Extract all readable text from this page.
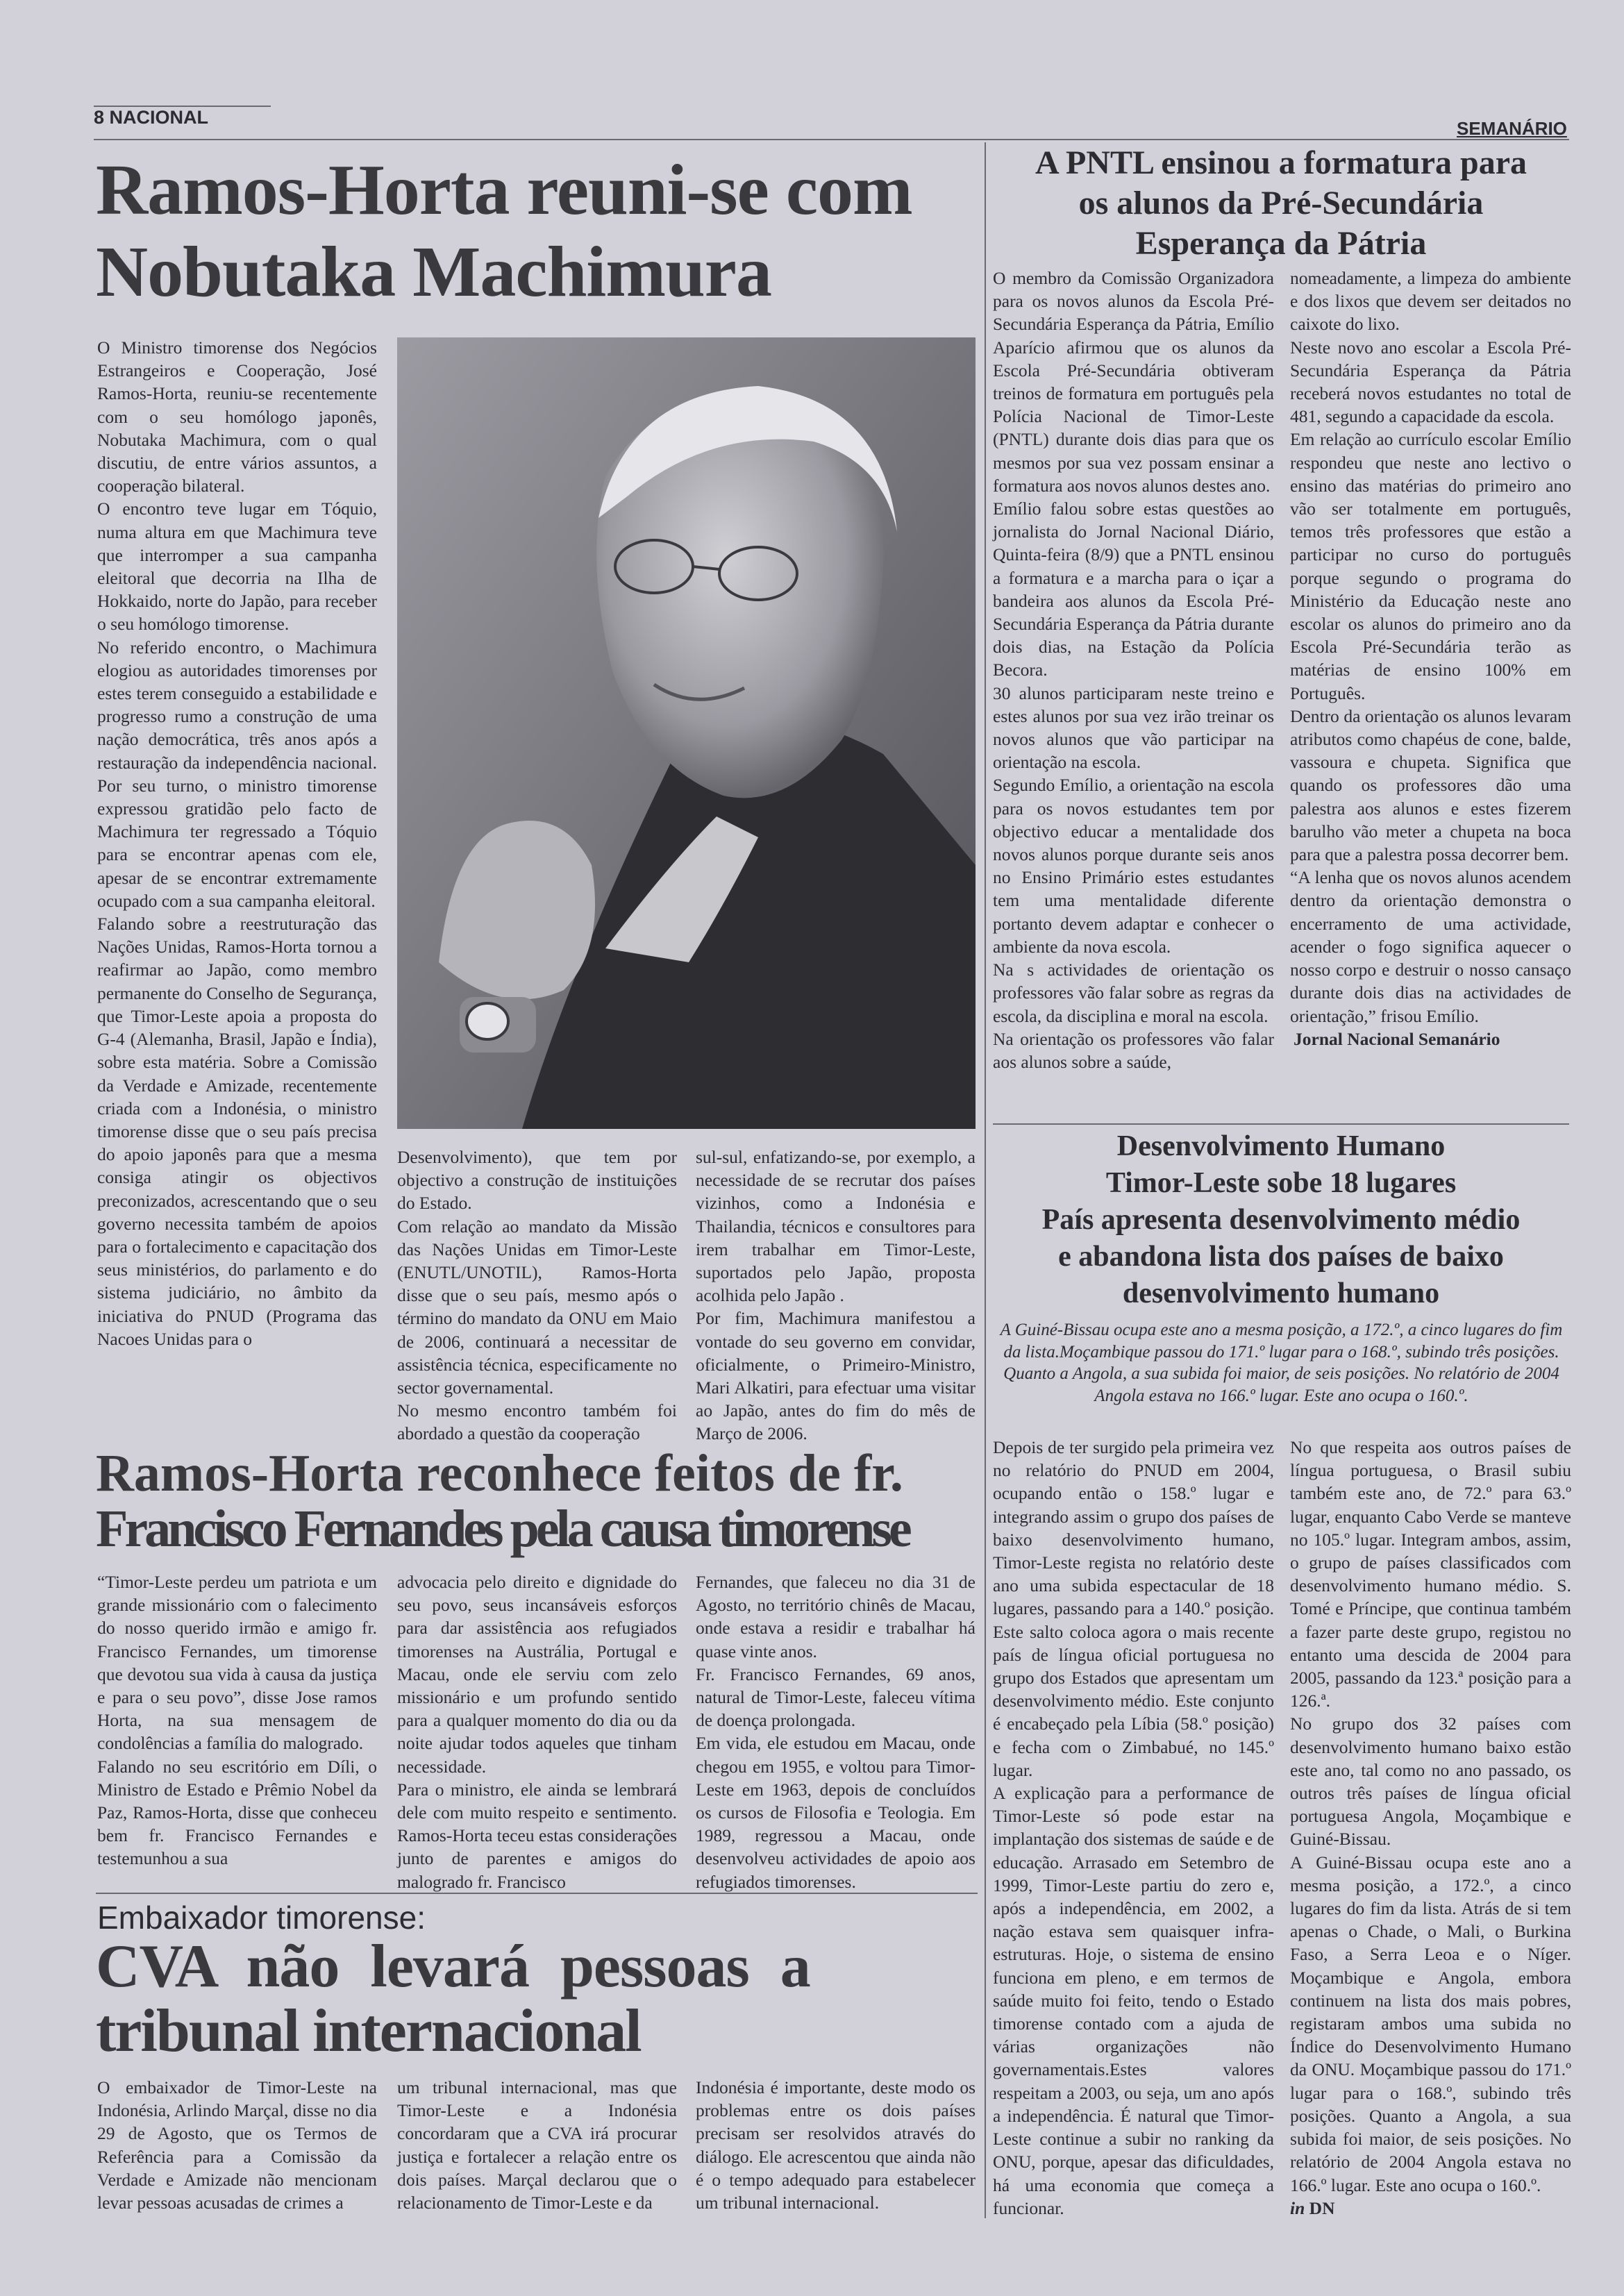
8 NACIONAL
SEMANÁRIO
Ramos-Horta reuni-se com Nobutaka Machimura

O Ministro timorense dos Negócios Estrangeiros e Cooperação, José Ramos-Horta, reuniu-se recentemente com o seu homólogo japonês, Nobutaka Machimura, com o qual discutiu, de entre vários assuntos, a cooperação bilateral.

O encontro teve lugar em Tóquio, numa altura em que Machimura teve que interromper a sua campanha eleitoral que decorria na Ilha de Hokkaido, norte do Japão, para receber o seu homólogo timorense.

No referido encontro, o Machimura elogiou as autoridades timorenses por estes terem conseguido a estabilidade e progresso rumo a construção de uma nação democrática, três anos após a restauração da independência nacional. Por seu turno, o ministro timorense expressou gratidão pelo facto de Machimura ter regressado a Tóquio para se encontrar apenas com ele, apesar de se encontrar extremamente ocupado com a sua campanha eleitoral.

Falando sobre a reestruturação das Nações Unidas, Ramos-Horta tornou a reafirmar ao Japão, como membro permanente do Conselho de Segurança, que Timor-Leste apoia a proposta do G-4 (Alemanha, Brasil, Japão e Índia), sobre esta matéria. Sobre a Comissão da Verdade e Amizade, recentemente criada com a Indonésia, o ministro timorense disse que o seu país precisa do apoio japonês para que a mesma consiga atingir os objectivos preconizados, acrescentando que o seu governo necessita também de apoios para o fortalecimento e capacitação dos seus ministérios, do parlamento e do sistema judiciário, no âmbito da iniciativa do PNUD (Programa das Nacoes Unidas para o

Desenvolvimento), que tem por objectivo a construção de instituições do Estado.

Com relação ao mandato da Missão das Nações Unidas em Timor-Leste (ENUTL/UNOTIL), Ramos-Horta disse que o seu país, mesmo após o término do mandato da ONU em Maio de 2006, continuará a necessitar de assistência técnica, especificamente no sector governamental.

No mesmo encontro também foi abordado a questão da cooperação

sul-sul, enfatizando-se, por exemplo, a necessidade de se recrutar dos países vizinhos, como a Indonésia e Thailandia, técnicos e consultores para irem trabalhar em Timor-Leste, suportados pelo Japão, proposta acolhida pelo Japão .

Por fim, Machimura manifestou a vontade do seu governo em convidar, oficialmente, o Primeiro-Ministro, Mari Alkatiri, para efectuar uma visitar ao Japão, antes do fim do mês de Março de 2006.

Ramos-Horta reconhece feitos de fr.
Francisco Fernandes pela causa timorense

“Timor-Leste perdeu um patriota e um grande missionário com o falecimento do nosso querido irmão e amigo fr. Francisco Fernandes, um timorense que devotou sua vida à causa da justiça e para o seu povo”, disse Jose ramos Horta, na sua mensagem de condolências a família do malogrado.

Falando no seu escritório em Díli, o Ministro de Estado e Prêmio Nobel da Paz, Ramos-Horta, disse que conheceu bem fr. Francisco Fernandes e testemunhou a sua

advocacia pelo direito e dignidade do seu povo, seus incansáveis esforços para dar assistência aos refugiados timorenses na Austrália, Portugal e Macau, onde ele serviu com zelo missionário e um profundo sentido para a qualquer momento do dia ou da noite ajudar todos aqueles que tinham necessidade.

Para o ministro, ele ainda se lembrará dele com muito respeito e sentimento. Ramos-Horta teceu estas considerações junto de parentes e amigos do malogrado fr. Francisco

Fernandes, que faleceu no dia 31 de Agosto, no território chinês de Macau, onde estava a residir e trabalhar há quase vinte anos.

Fr. Francisco Fernandes, 69 anos, natural de Timor-Leste, faleceu vítima de doença prolongada.

Em vida, ele estudou em Macau, onde chegou em 1955, e voltou para Timor-Leste em 1963, depois de concluídos os cursos de Filosofia e Teologia. Em 1989, regressou a Macau, onde desenvolveu actividades de apoio aos refugiados timorenses.

Embaixador timorense:
CVA não levará pessoas a
tribunal internacional
O embaixador de Timor-Leste na Indonésia, Arlindo Marçal, disse no dia 29 de Agosto, que os Termos de Referência para a Comissão da Verdade e Amizade não mencionam levar pessoas acusadas de crimes a
um tribunal internacional, mas que Timor-Leste e a Indonésia concordaram que a CVA irá procurar justiça e fortalecer a relação entre os dois países. Marçal declarou que o relacionamento de Timor-Leste e da
Indonésia é importante, deste modo os problemas entre os dois países precisam ser resolvidos através do diálogo. Ele acrescentou que ainda não é o tempo adequado para estabelecer um tribunal internacional.
A PNTL ensinou a formatura para
os alunos da Pré-Secundária
Esperança da Pátria

O membro da Comissão Organizadora para os novos alunos da Escola Pré-Secundária Esperança da Pátria, Emílio Aparício afirmou que os alunos da Escola Pré-Secundária obtiveram treinos de formatura em português pela Polícia Nacional de Timor-Leste (PNTL) durante dois dias para que os mesmos por sua vez possam ensinar a formatura aos novos alunos destes ano.

Emílio falou sobre estas questões ao jornalista do Jornal Nacional Diário, Quinta-feira (8/9) que a PNTL ensinou a formatura e a marcha para o içar a bandeira aos alunos da Escola Pré-Secundária Esperança da Pátria durante dois dias, na Estação da Polícia Becora.

30 alunos participaram neste treino e estes alunos por sua vez irão treinar os novos alunos que vão participar na orientação na escola.

Segundo Emílio, a orientação na escola para os novos estudantes tem por objectivo educar a mentalidade dos novos alunos porque durante seis anos no Ensino Primário estes estudantes tem uma mentalidade diferente portanto devem adaptar e conhecer o ambiente da nova escola.

Na s actividades de orientação os professores vão falar sobre as regras da escola, da disciplina e moral na escola.

Na orientação os professores vão falar aos alunos sobre a saúde,

nomeadamente, a limpeza do ambiente e dos lixos que devem ser deitados no caixote do lixo.

Neste novo ano escolar a Escola Pré-Secundária Esperança da Pátria receberá novos estudantes no total de 481, segundo a capacidade da escola.

Em relação ao currículo escolar Emílio respondeu que neste ano lectivo o ensino das matérias do primeiro ano vão ser totalmente em português, temos três professores que estão a participar no curso do português porque segundo o programa do Ministério da Educação neste ano escolar os alunos do primeiro ano da Escola Pré-Secundária terão as matérias de ensino 100% em Português.

Dentro da orientação os alunos levaram atributos como chapéus de cone, balde, vassoura e chupeta. Significa que quando os professores dão uma palestra aos alunos e estes fizerem barulho vão meter a chupeta na boca para que a palestra possa decorrer bem.

“A lenha que os novos alunos acendem dentro da orientação demonstra o encerramento de uma actividade, acender o fogo significa aquecer o nosso corpo e destruir o nosso cansaço durante dois dias na actividades de orientação,” frisou Emílio.

Jornal Nacional Semanário

Desenvolvimento Humano
Timor-Leste sobe 18 lugares
País apresenta desenvolvimento médio
e abandona lista dos países de baixo
desenvolvimento humano
A Guiné-Bissau ocupa este ano a mesma posição, a 172.º, a cinco lugares do fim da lista.Moçambique passou do 171.º lugar para o 168.º, subindo três posições. Quanto a Angola, a sua subida foi maior, de seis posições. No relatório de 2004 Angola estava no 166.º lugar. Este ano ocupa o 160.º.

Depois de ter surgido pela primeira vez no relatório do PNUD em 2004, ocupando então o 158.º lugar e integrando assim o grupo dos países de baixo desenvolvimento humano, Timor-Leste regista no relatório deste ano uma subida espectacular de 18 lugares, passando para a 140.º posição. Este salto coloca agora o mais recente país de língua oficial portuguesa no grupo dos Estados que apresentam um desenvolvimento médio. Este conjunto é encabeçado pela Líbia (58.º posição) e fecha com o Zimbabué, no 145.º lugar.

A explicação para a performance de Timor-Leste só pode estar na implantação dos sistemas de saúde e de educação. Arrasado em Setembro de 1999, Timor-Leste partiu do zero e, após a independência, em 2002, a nação estava sem quaisquer infra-estruturas. Hoje, o sistema de ensino funciona em pleno, e em termos de saúde muito foi feito, tendo o Estado timorense contado com a ajuda de várias organizações não governamentais.Estes valores respeitam a 2003, ou seja, um ano após a independência. É natural que Timor-Leste continue a subir no ranking da ONU, porque, apesar das dificuldades, há uma economia que começa a funcionar.

No que respeita aos outros países de língua portuguesa, o Brasil subiu também este ano, de 72.º para 63.º lugar, enquanto Cabo Verde se manteve no 105.º lugar. Integram ambos, assim, o grupo de países classificados com desenvolvimento humano médio. S. Tomé e Príncipe, que continua também a fazer parte deste grupo, registou no entanto uma descida de 2004 para 2005, passando da 123.ª posição para a 126.ª.

No grupo dos 32 países com desenvolvimento humano baixo estão este ano, tal como no ano passado, os outros três países de língua oficial portuguesa Angola, Moçambique e Guiné-Bissau.

A Guiné-Bissau ocupa este ano a mesma posição, a 172.º, a cinco lugares do fim da lista. Atrás de si tem apenas o Chade, o Mali, o Burkina Faso, a Serra Leoa e o Níger. Moçambique e Angola, embora continuem na lista dos mais pobres, registaram ambos uma subida no Índice do Desenvolvimento Humano da ONU. Moçambique passou do 171.º lugar para o 168.º, subindo três posições. Quanto a Angola, a sua subida foi maior, de seis posições. No relatório de 2004 Angola estava no 166.º lugar. Este ano ocupa o 160.º.

in DN
